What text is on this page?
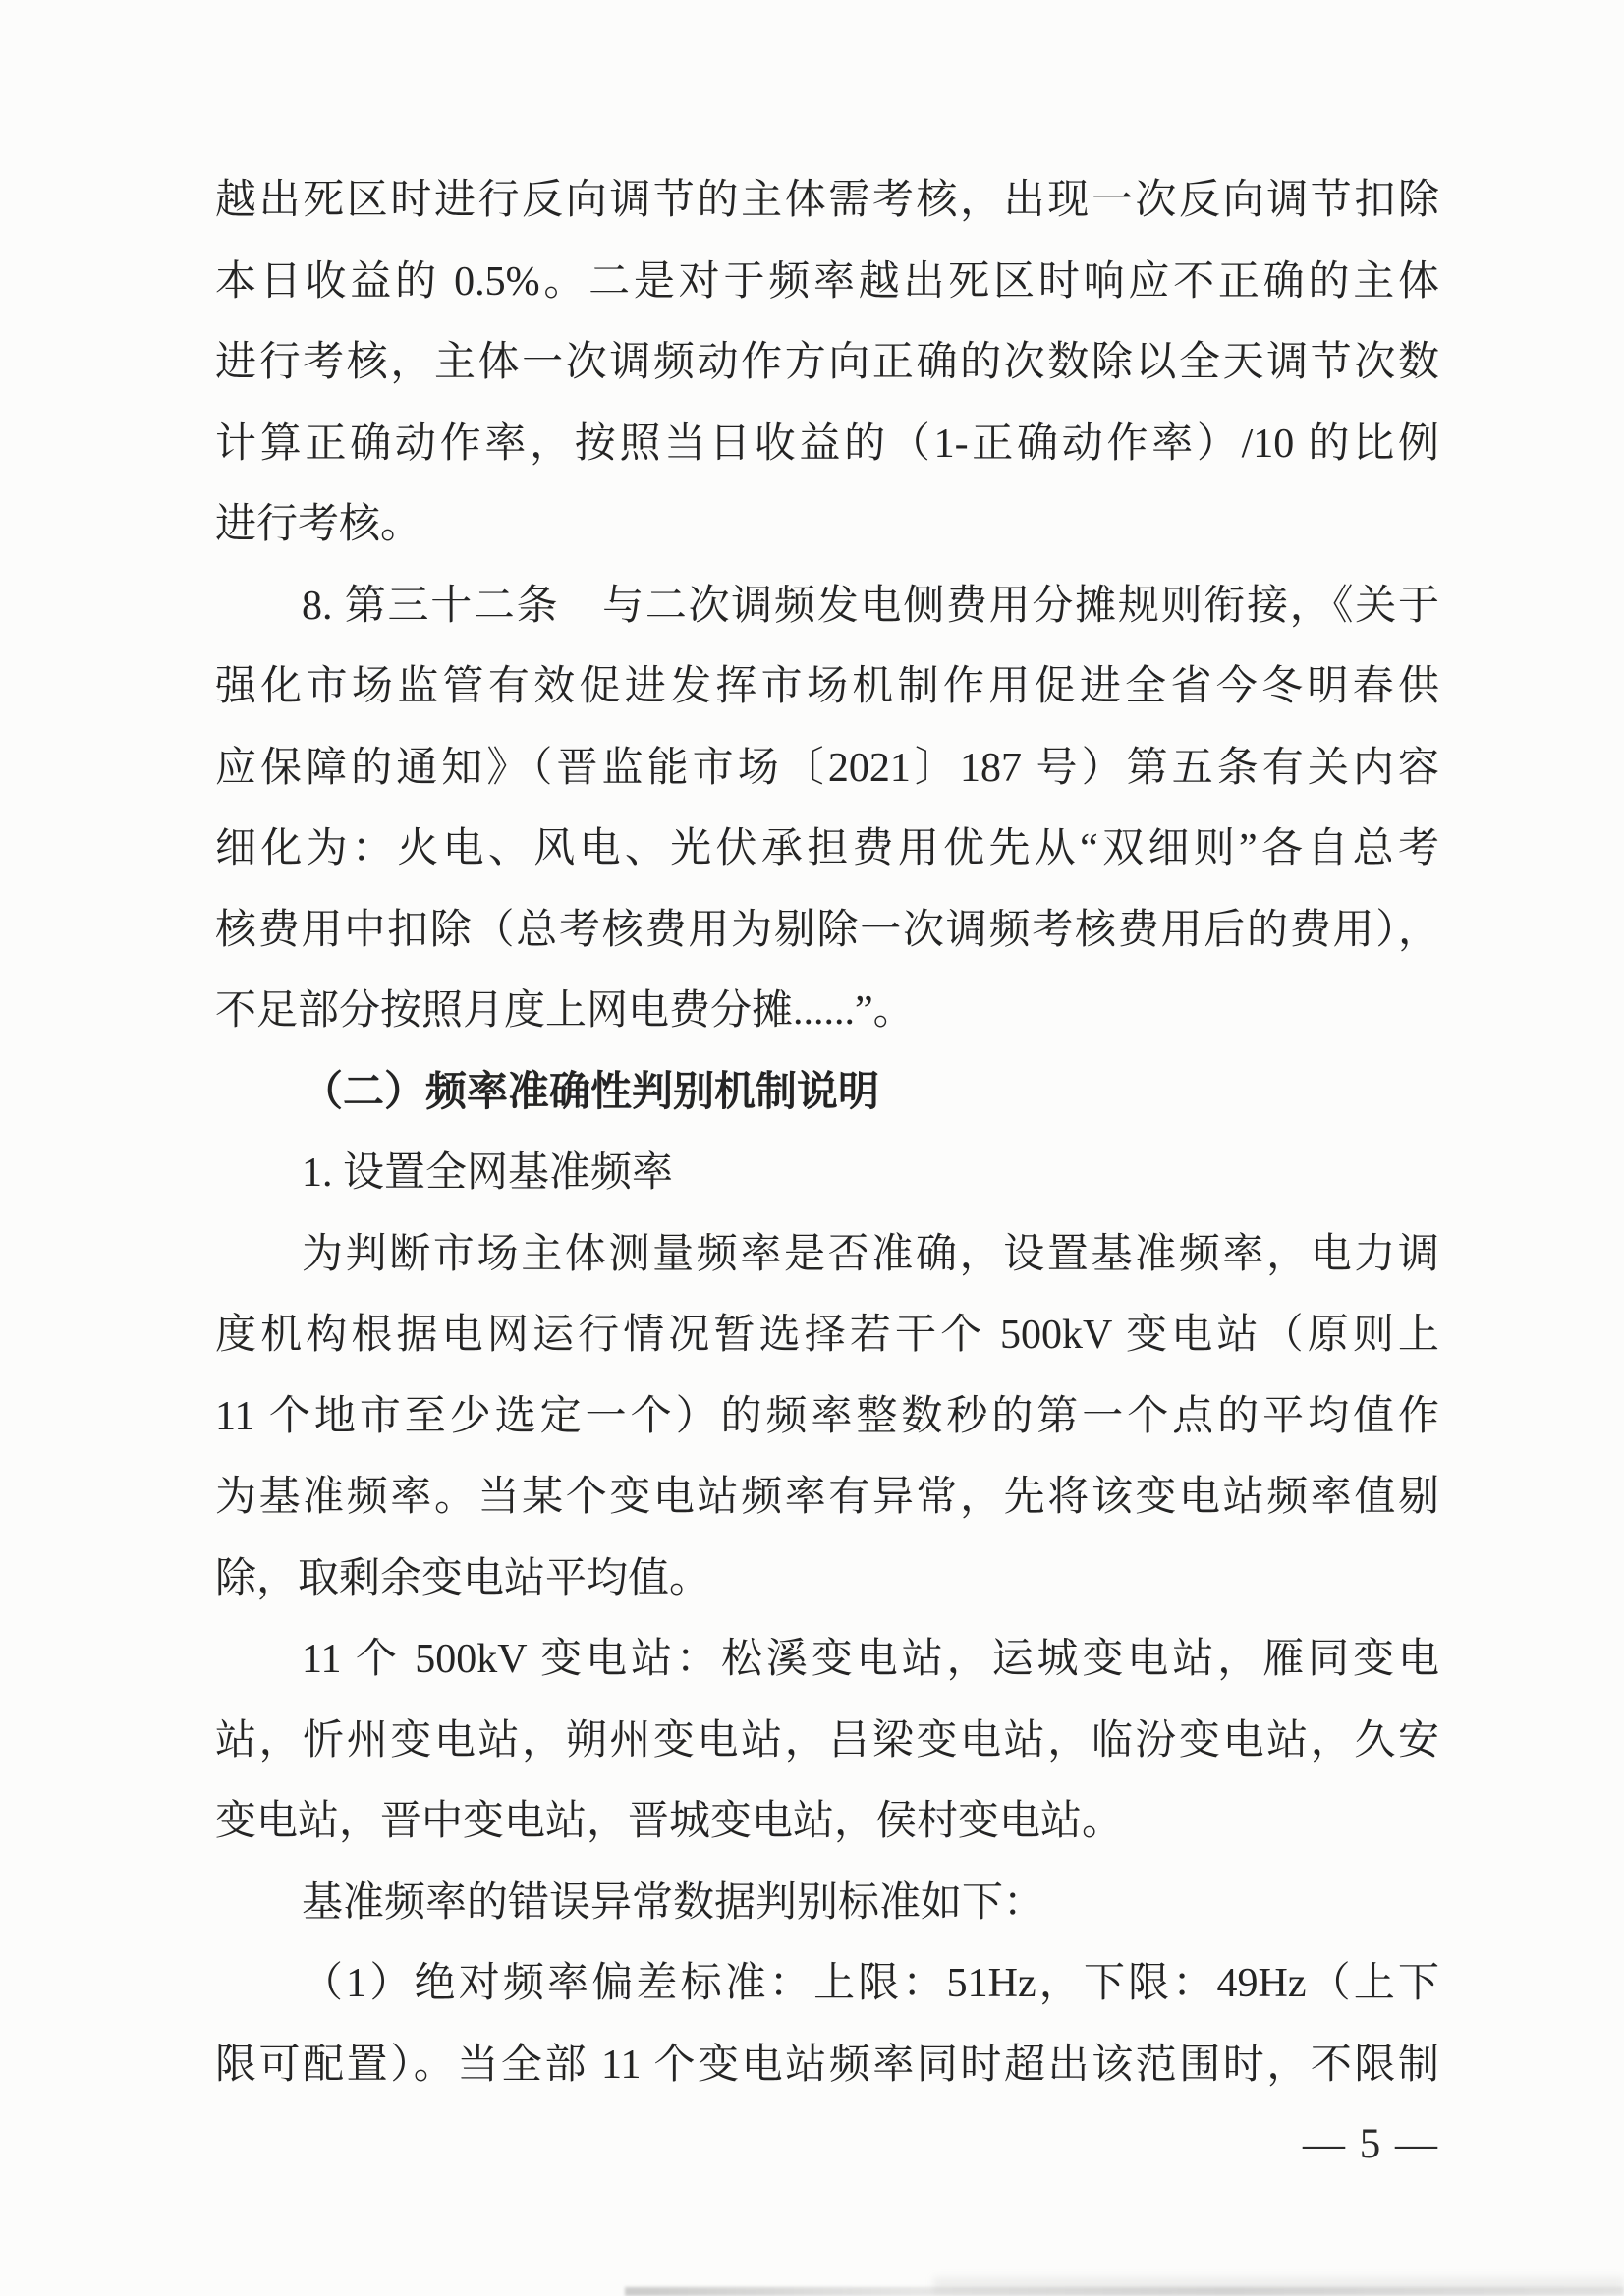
越出死区时进行反向调节的主体需考核，出现一次反向调节扣除
本日收益的 0.5%。二是对于频率越出死区时响应不正确的主体
进行考核，主体一次调频动作方向正确的次数除以全天调节次数
计算正确动作率，按照当日收益的（1-正确动作率）/10 的比例
进行考核。
8. 第三十二条　与二次调频发电侧费用分摊规则衔接，《关于
强化市场监管有效促进发挥市场机制作用促进全省今冬明春供
应保障的通知》（晋监能市场〔2021〕187 号）第五条有关内容
细化为：火电、风电、光伏承担费用优先从“双细则”各自总考
核费用中扣除（总考核费用为剔除一次调频考核费用后的费用），
不足部分按照月度上网电费分摊......”。
（二）频率准确性判别机制说明
1. 设置全网基准频率
为判断市场主体测量频率是否准确，设置基准频率，电力调
度机构根据电网运行情况暂选择若干个 500kV 变电站（原则上
11 个地市至少选定一个）的频率整数秒的第一个点的平均值作
为基准频率。当某个变电站频率有异常，先将该变电站频率值剔
除，取剩余变电站平均值。
11 个 500kV 变电站：松溪变电站，运城变电站，雁同变电
站，忻州变电站，朔州变电站，吕梁变电站，临汾变电站，久安
变电站，晋中变电站，晋城变电站，侯村变电站。
基准频率的错误异常数据判别标准如下：
（1）绝对频率偏差标准：上限：51Hz，下限：49Hz（上下
限可配置）。当全部 11 个变电站频率同时超出该范围时，不限制
— 5 —
